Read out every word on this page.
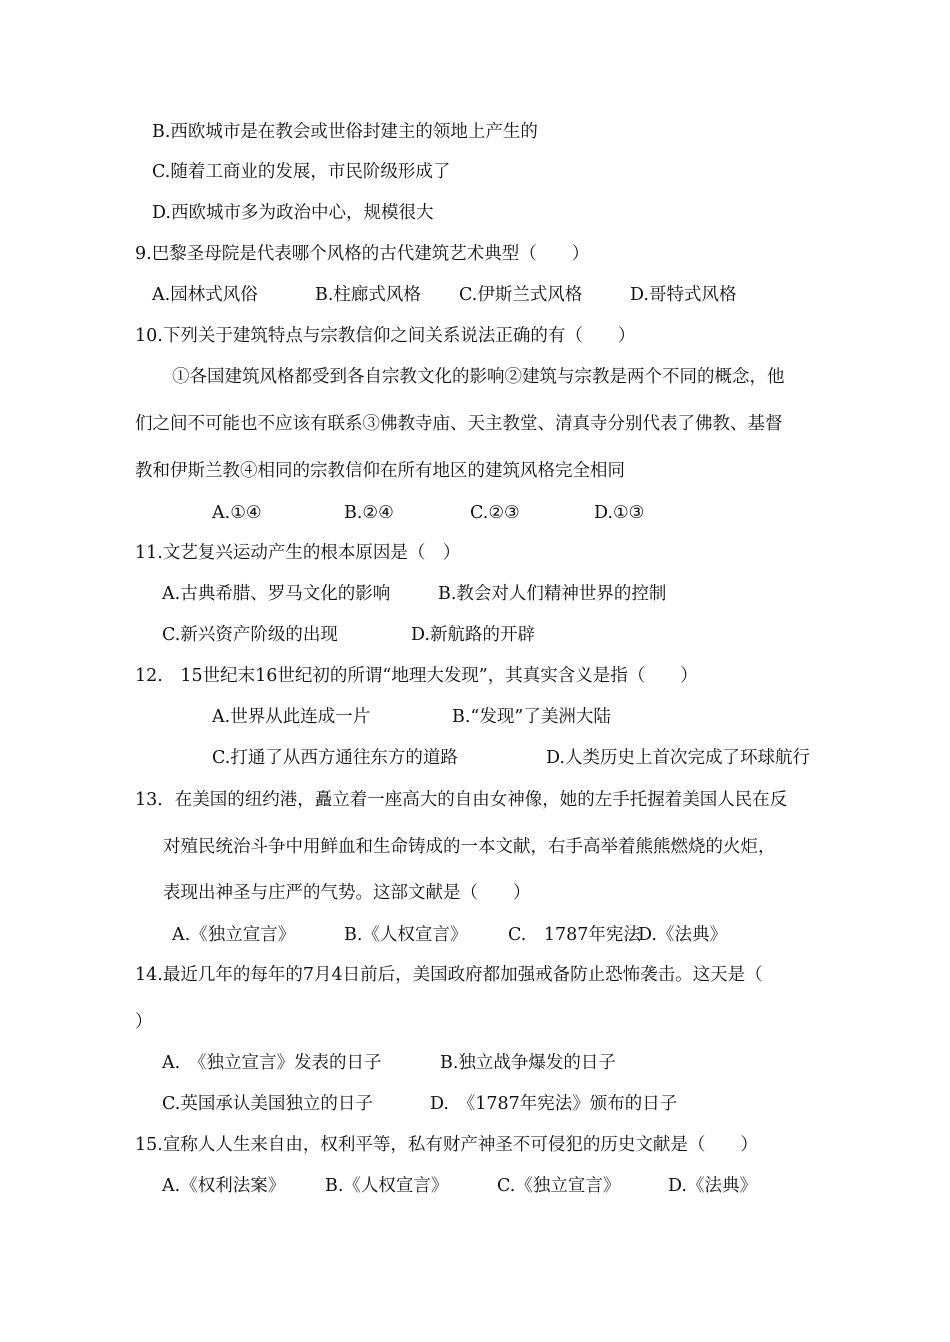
B.西欧城市是在教会或世俗封建主的领地上产生的
C.随着工商业的发展，市民阶级形成了
D.西欧城市多为政治中心，规模很大
9.巴黎圣母院是代表哪个风格的古代建筑艺术典型（　　）
A.园林式风俗	B.柱廊式风格 C.伊斯兰式风格	D.哥特式风格
10.下列关于建筑特点与宗教信仰之间关系说法正确的有（　　）
①各国建筑风格都受到各自宗教文化的影响②建筑与宗教是两个不同的概念，他
们之间不可能也不应该有联系③佛教寺庙、天主教堂、清真寺分别代表了佛教、基督
教和伊斯兰教④相同的宗教信仰在所有地区的建筑风格完全相同
A.①④	B.②④	C.②③	D.①③
11.文艺复兴运动产生的根本原因是（　）
A.古典希腊、罗马文化的影响	B.教会对人们精神世界的控制
C.新兴资产阶级的出现	D.新航路的开辟
12.　15世纪末16世纪初的所谓“地理大发现”，其真实含义是指（　　）
A.世界从此连成一片	B.“发现”了美洲大陆
C.打通了从西方通往东方的道路	D.人类历史上首次完成了环球航行
13．在美国的纽约港，矗立着一座高大的自由女神像，她的左手托握着美国人民在反
对殖民统治斗争中用鲜血和生命铸成的一本文献，右手高举着熊熊燃烧的火炬，
表现出神圣与庄严的气势。这部文献是（　　）
A.《独立宣言》	B.《人权宣言》 C.　1787年宪法
D.《法典》
14.最近几年的每年的7月4日前后，美国政府都加强戒备防止恐怖袭击。这天是（
）
A.　《独立宣言》发表的日子	B.独立战争爆发的日子
C.英国承认美国独立的日子	D.　《1787年宪法》颁布的日子
15.宣称人人生来自由，权利平等，私有财产神圣不可侵犯的历史文献是（　　）
A.《权利法案》 B.《人权宣言》	C.《独立宣言》	D.《法典》
